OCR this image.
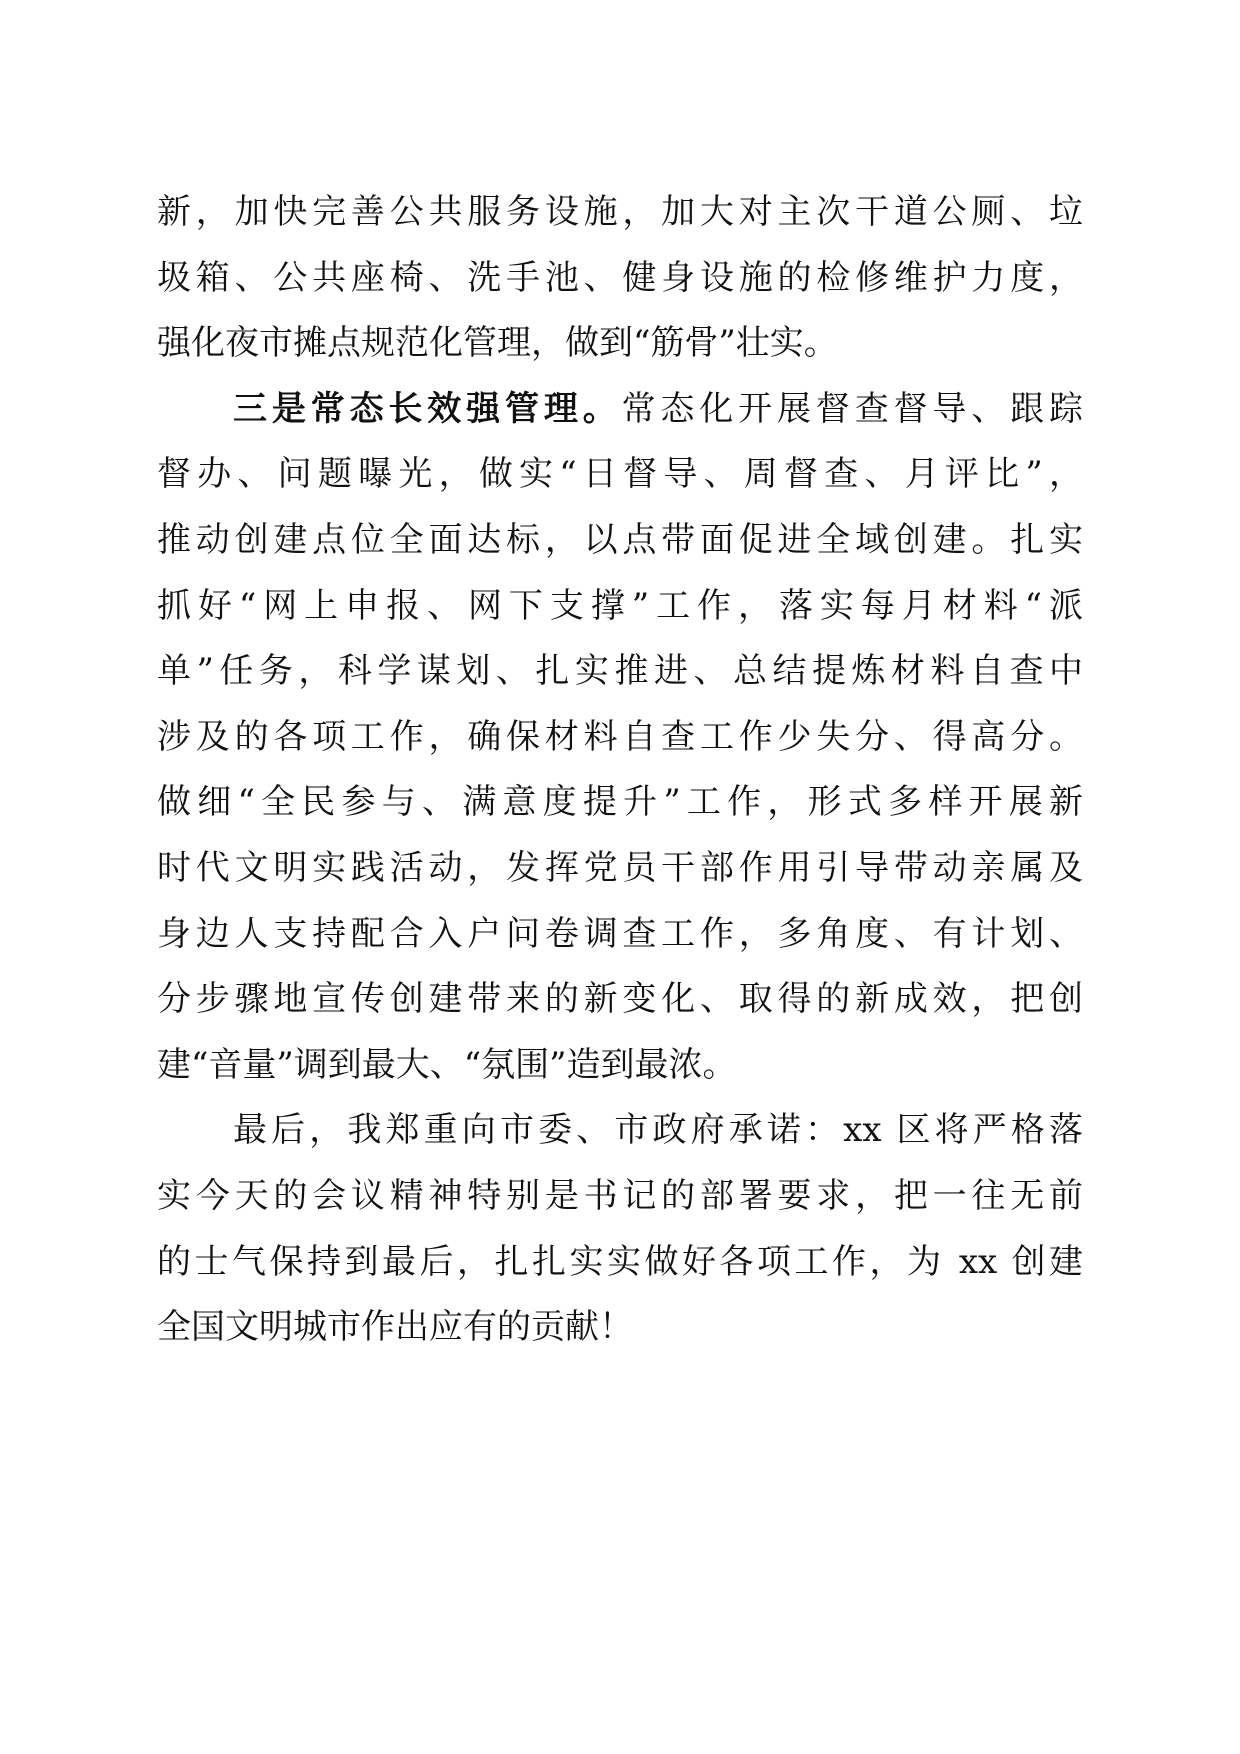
新，加快完善公共服务设施，加大对主次干道公厕、垃
圾箱、公共座椅、洗手池、健身设施的检修维护力度，
强化夜市摊点规范化管理，做到“筋骨”壮实。
三是常态长效强管理。常态化开展督查督导、跟踪
督办、问题曝光，做实“日督导、周督查、月评比”，
推动创建点位全面达标，以点带面促进全域创建。扎实
抓好“网上申报、网下支撑”工作，落实每月材料“派
单”任务，科学谋划、扎实推进、总结提炼材料自查中
涉及的各项工作，确保材料自查工作少失分、得高分。
做细“全民参与、满意度提升”工作，形式多样开展新
时代文明实践活动，发挥党员干部作用引导带动亲属及
身边人支持配合入户问卷调查工作，多角度、有计划、
分步骤地宣传创建带来的新变化、取得的新成效，把创
建“音量”调到最大、“氛围”造到最浓。
最后，我郑重向市委、市政府承诺：xx 区将严格落
实今天的会议精神特别是书记的部署要求，把一往无前
的士气保持到最后，扎扎实实做好各项工作，为 xx 创建
全国文明城市作出应有的贡献！
